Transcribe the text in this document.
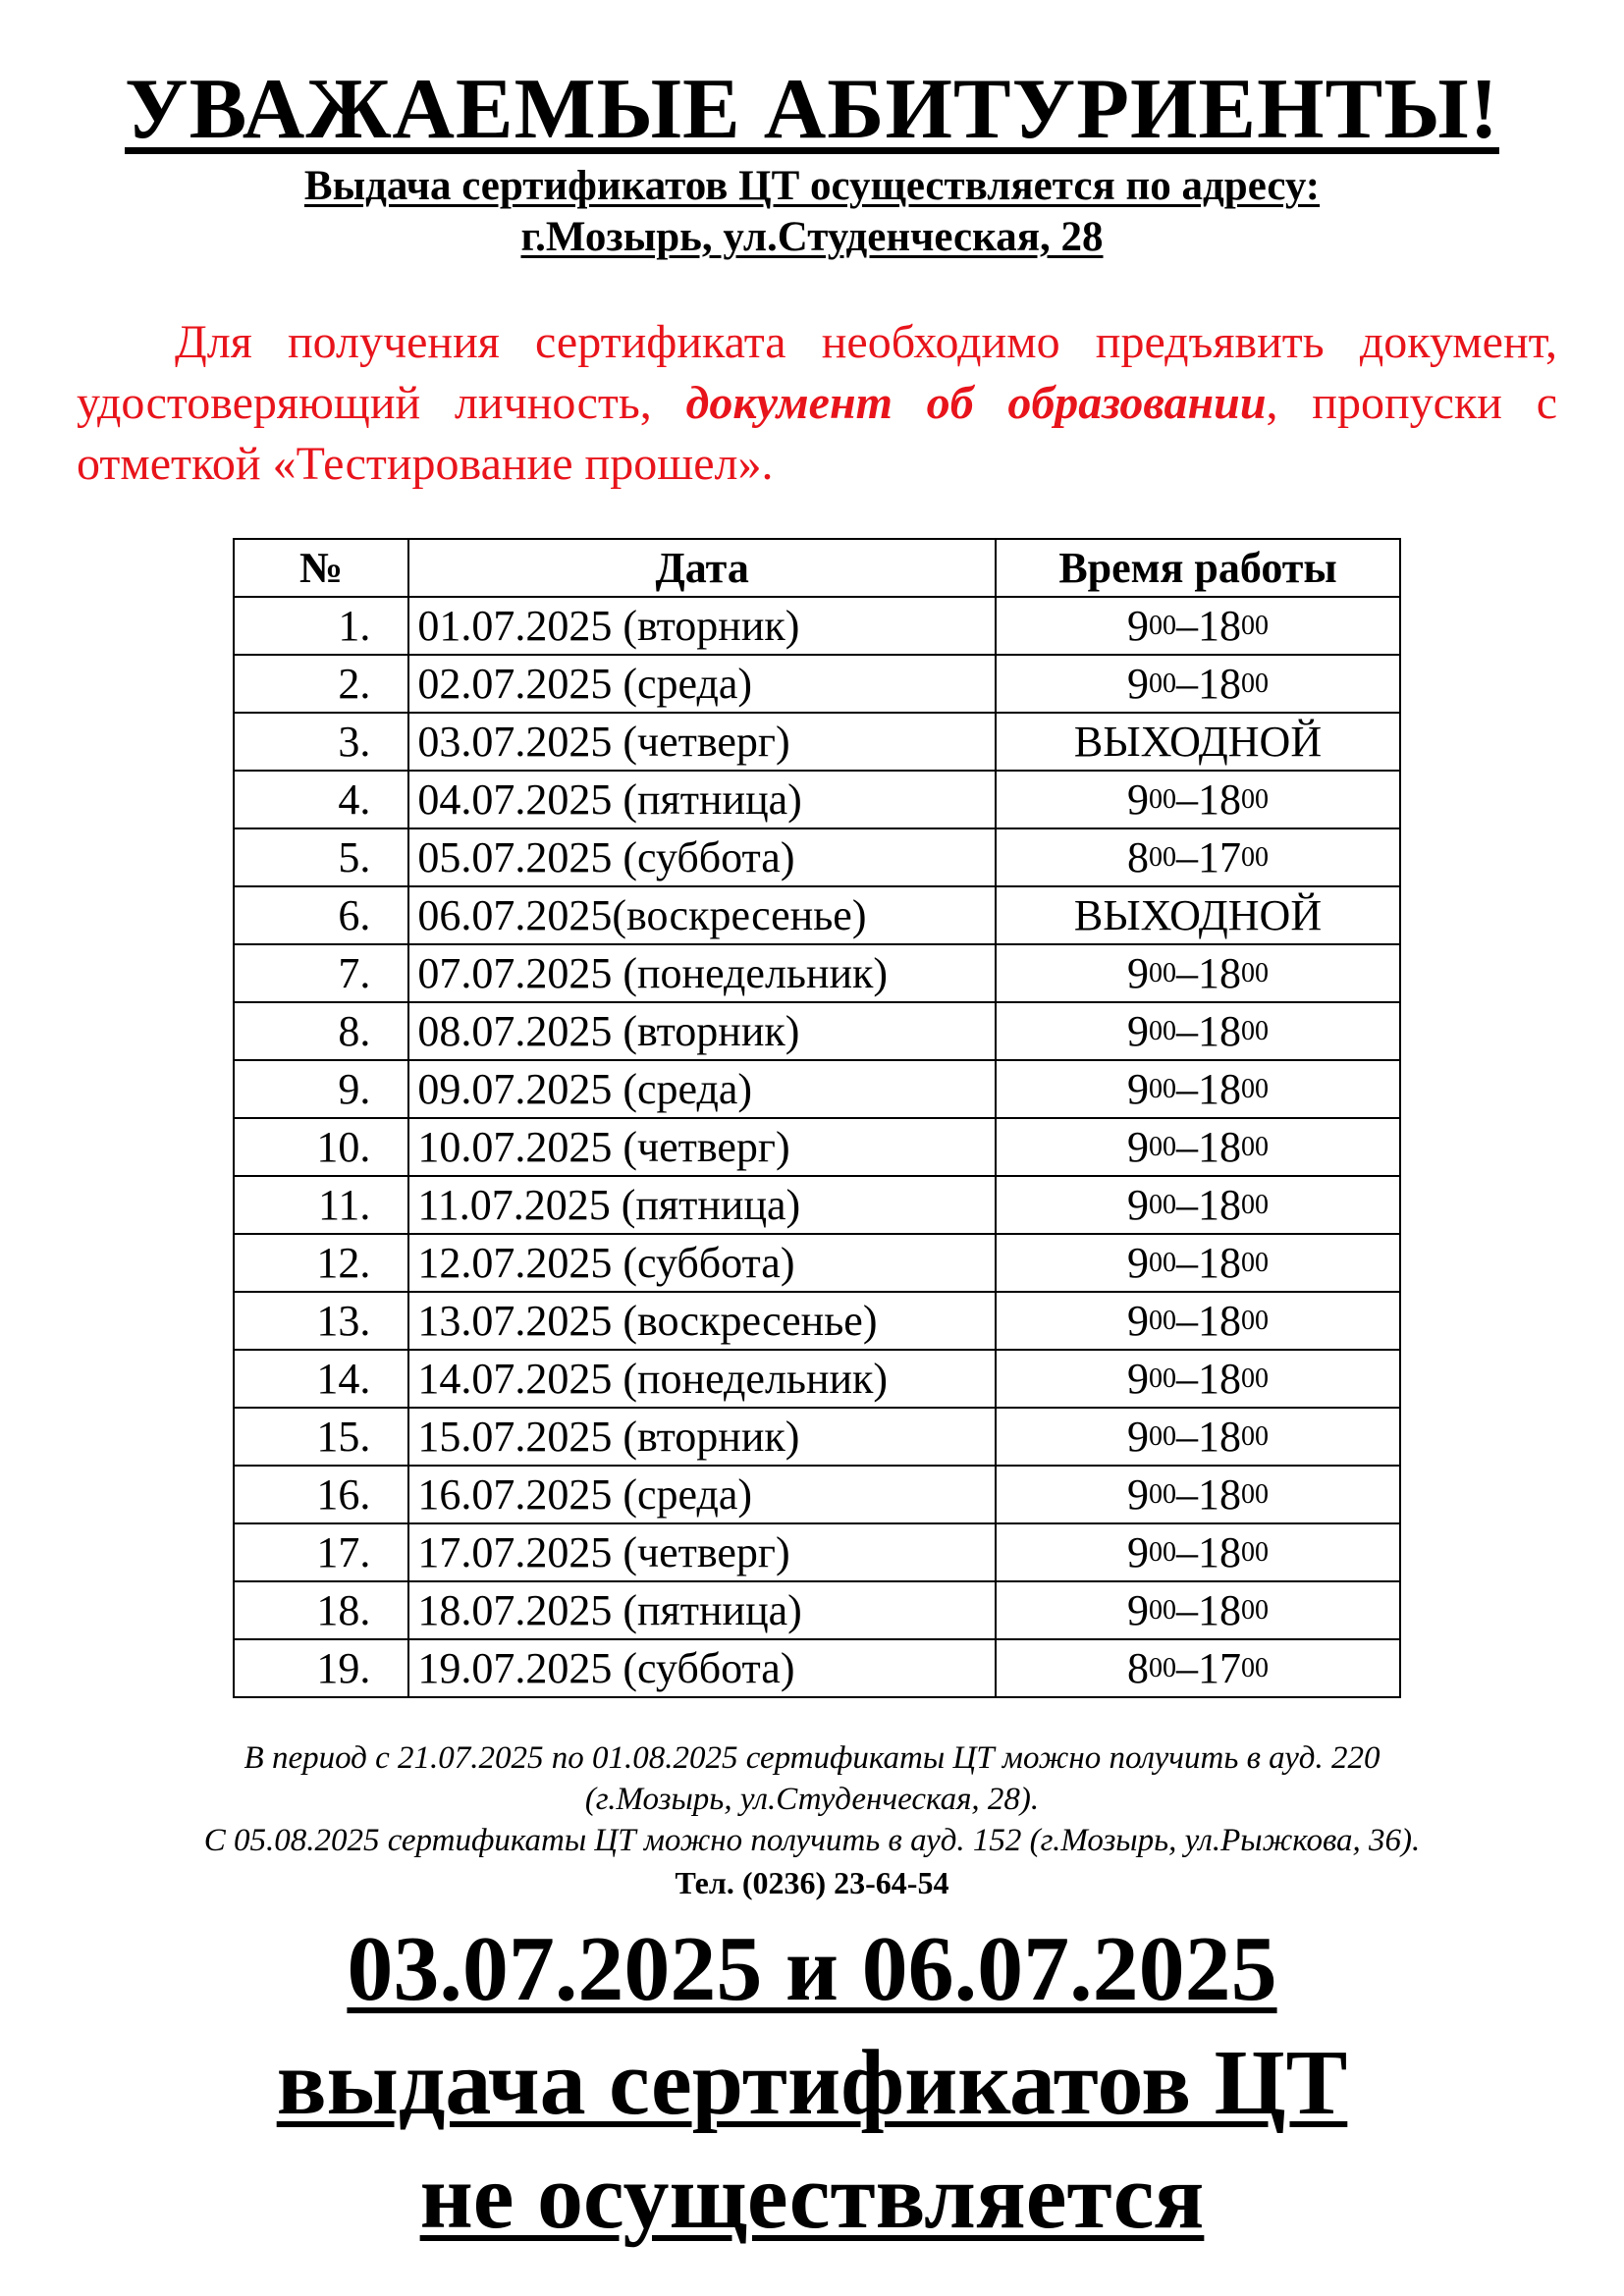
УВАЖАЕМЫЕ АБИТУРИЕНТЫ!
Выдача сертификатов ЦТ осуществляется по адресу:
г.Мозырь, ул.Студенческая, 28
Для получения сертификата необходимо предъявить документ, удостоверяющий личность, документ об образовании, пропуски с отметкой «Тестирование прошел».
№	Дата	Время работы
1.	01.07.2025 (вторник)	$9^{00}-18^{00}$
2.	02.07.2025 (среда)	$9^{00}-18^{00}$
3.	03.07.2025 (четверг)	ВЫХОДНОЙ
4.	04.07.2025 (пятница)	$9^{00}-18^{00}$
5.	05.07.2025 (суббота)	$8^{00}-17^{00}$
6.	06.07.2025(воскресенье)	ВЫХОДНОЙ
7.	07.07.2025 (понедельник)	$9^{00}-18^{00}$
8.	08.07.2025 (вторник)	$9^{00}-18^{00}$
9.	09.07.2025 (среда)	$9^{00}-18^{00}$
10.	10.07.2025 (четверг)	$9^{00}-18^{00}$
11.	11.07.2025 (пятница)	$9^{00}-18^{00}$
12.	12.07.2025 (суббота)	$9^{00}-18^{00}$
13.	13.07.2025 (воскресенье)	$9^{00}-18^{00}$
14.	14.07.2025 (понедельник)	$9^{00}-18^{00}$
15.	15.07.2025 (вторник)	$9^{00}-18^{00}$
16.	16.07.2025 (среда)	$9^{00}-18^{00}$
17.	17.07.2025 (четверг)	$9^{00}-18^{00}$
18.	18.07.2025 (пятница)	$9^{00}-18^{00}$
19.	19.07.2025 (суббота)	$8^{00}-17^{00}$
В период с 21.07.2025 по 01.08.2025 сертификаты ЦТ можно получить в ауд. 220
(г.Мозырь, ул.Студенческая, 28).
С 05.08.2025 сертификаты ЦТ можно получить в ауд. 152 (г.Мозырь, ул.Рыжкова, 36).
Тел. (0236) 23-64-54
03.07.2025 и 06.07.2025
выдача сертификатов ЦТ
не осуществляется
